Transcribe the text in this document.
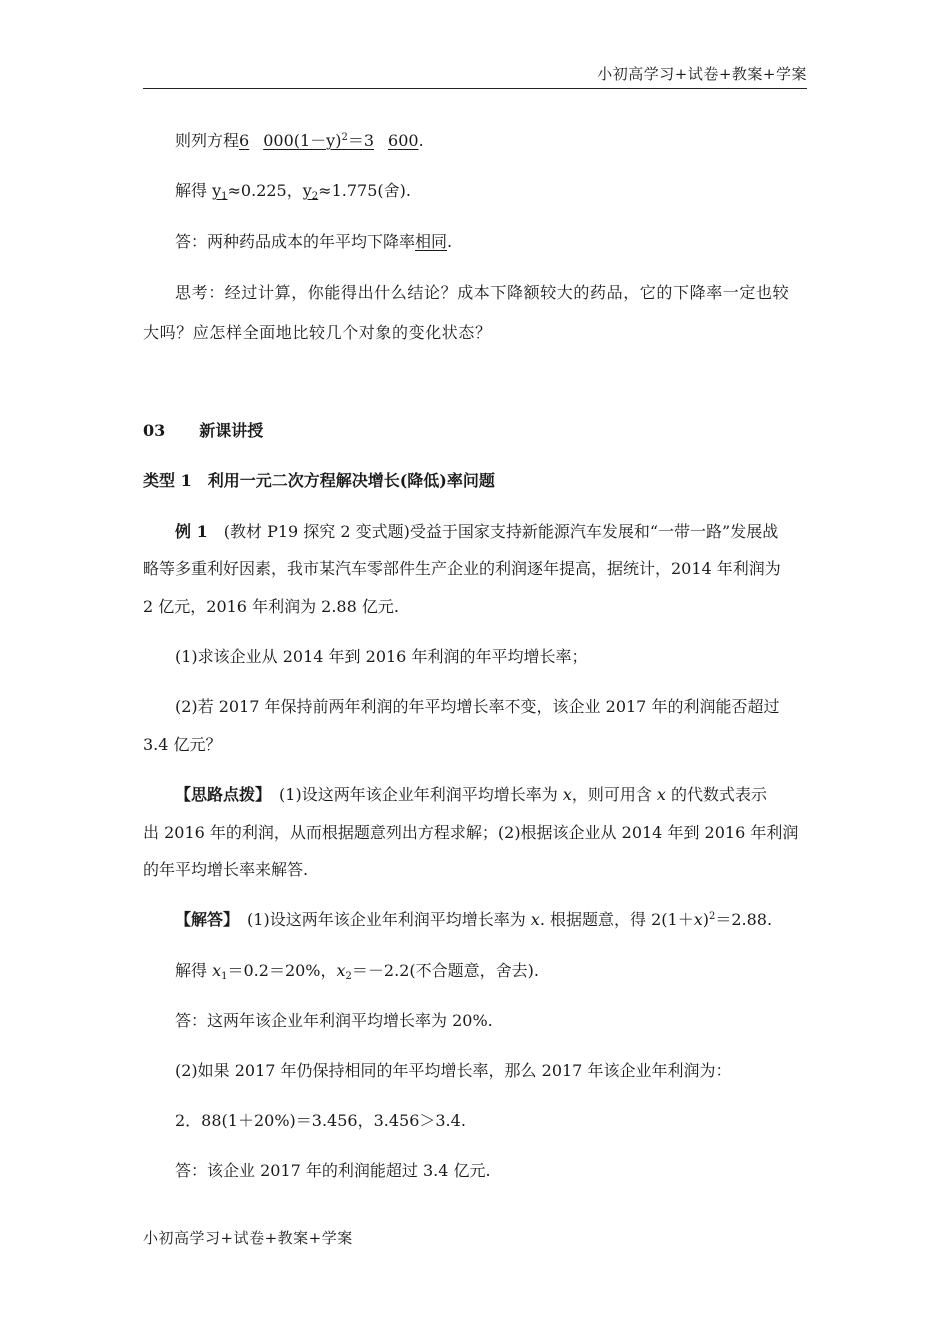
小初高学习+试卷+教案+学案
则列方程6 $000(1-y)^2=3$ 600.
解得 $y_1\approx 0.225$，$y_2\approx 1.775$(舍).
答：两种药品成本的年平均下降率相同.
思考：经过计算，你能得出什么结论？成本下降额较大的药品，它的下降率一定也较
大吗？应怎样全面地比较几个对象的变化状态？
03 新课讲授
类型 1　利用一元二次方程解决增长(降低)率问题
例 1　 (教材 P19 探究 2 变式题)受益于国家支持新能源汽车发展和“一带一路”发展战
略等多重利好因素，我市某汽车零部件生产企业的利润逐年提高，据统计，2014 年利润为
2 亿元，2016 年利润为 2.88 亿元.
(1)求该企业从 2014 年到 2016 年利润的年平均增长率；
(2)若 2017 年保持前两年利润的年平均增长率不变，该企业 2017 年的利润能否超过
3.4 亿元？
【思路点拨】　 (1)设这两年该企业年利润平均增长率为 x，则可用含 x 的代数式表示
出 2016 年的利润，从而根据题意列出方程求解；(2)根据该企业从 2014 年到 2016 年利润
的年平均增长率来解答.
【解答】　 (1)设这两年该企业年利润平均增长率为 x. 根据题意，得 $2(1+x)^2=2.88$.
解得 $x_1=0.2=20\%$，$x_2=-2.2$(不合题意，舍去).
答：这两年该企业年利润平均增长率为 20%.
(2)如果 2017 年仍保持相同的年平均增长率，那么 2017 年该企业年利润为：
2．88(1＋20%)＝3.456，3.456＞3.4.
答：该企业 2017 年的利润能超过 3.4 亿元.
小初高学习+试卷+教案+学案
